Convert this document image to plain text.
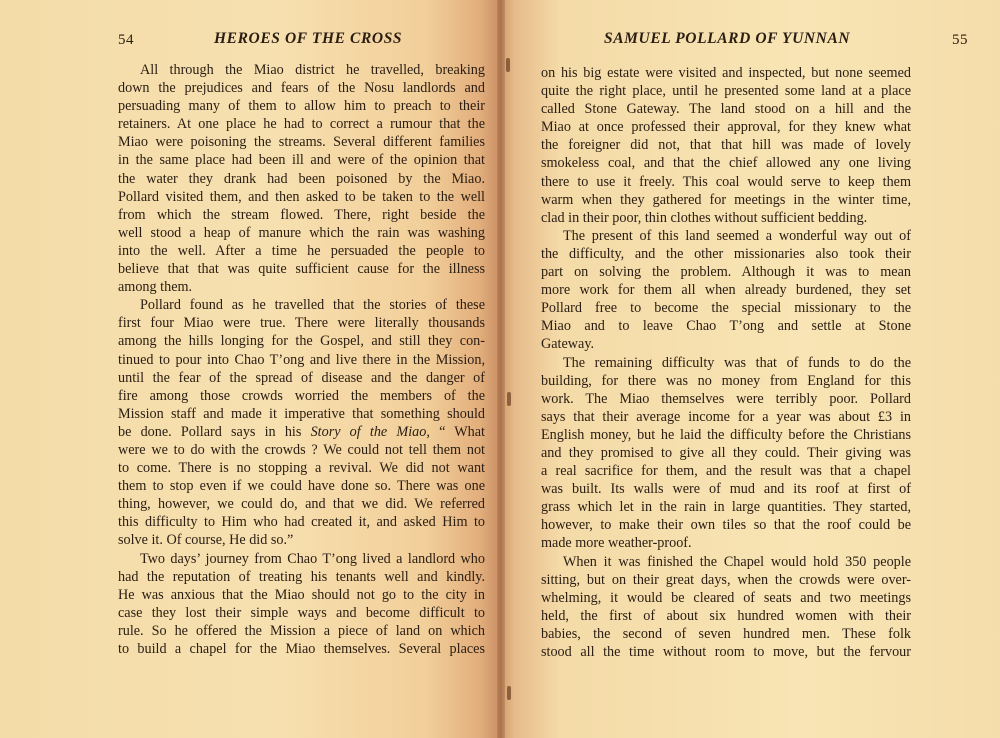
54	HEROES OF THE CROSS
All through the Miao district he travelled, breaking
down the prejudices and fears of the Nosu landlords and
persuading many of them to allow him to preach to their
retainers. At one place he had to correct a rumour that the
Miao were poisoning the streams. Several different families
in the same place had been ill and were of the opinion that
the water they drank had been poisoned by the Miao.
Pollard visited them, and then asked to be taken to the well
from which the stream flowed. There, right beside the
well stood a heap of manure which the rain was washing
into the well. After a time he persuaded the people to
believe that that was quite sufficient cause for the illness
among them.
Pollard found as he travelled that the stories of these
first four Miao were true. There were literally thousands
among the hills longing for the Gospel, and still they con-
tinued to pour into Chao T’ong and live there in the Mission,
until the fear of the spread of disease and the danger of
fire among those crowds worried the members of the
Mission staff and made it imperative that something should
be done. Pollard says in his Story of the Miao, “ What
were we to do with the crowds ? We could not tell them not
to come. There is no stopping a revival. We did not want
them to stop even if we could have done so. There was one
thing, however, we could do, and that we did. We referred
this difficulty to Him who had created it, and asked Him to
solve it. Of course, He did so.”
Two days’ journey from Chao T’ong lived a landlord who
had the reputation of treating his tenants well and kindly.
He was anxious that the Miao should not go to the city in
case they lost their simple ways and become difficult to
rule. So he offered the Mission a piece of land on which
to build a chapel for the Miao themselves. Several places
SAMUEL POLLARD OF YUNNAN	55
on his big estate were visited and inspected, but none seemed
quite the right place, until he presented some land at a place
called Stone Gateway. The land stood on a hill and the
Miao at once professed their approval, for they knew what
the foreigner did not, that that hill was made of lovely
smokeless coal, and that the chief allowed any one living
there to use it freely. This coal would serve to keep them
warm when they gathered for meetings in the winter time,
clad in their poor, thin clothes without sufficient bedding.
The present of this land seemed a wonderful way out of
the difficulty, and the other missionaries also took their
part on solving the problem. Although it was to mean
more work for them all when already burdened, they set
Pollard free to become the special missionary to the
Miao and to leave Chao T’ong and settle at Stone
Gateway.
The remaining difficulty was that of funds to do the
building, for there was no money from England for this
work. The Miao themselves were terribly poor. Pollard
says that their average income for a year was about £3 in
English money, but he laid the difficulty before the Christians
and they promised to give all they could. Their giving was
a real sacrifice for them, and the result was that a chapel
was built. Its walls were of mud and its roof at first of
grass which let in the rain in large quantities. They started,
however, to make their own tiles so that the roof could be
made more weather-proof.
When it was finished the Chapel would hold 350 people
sitting, but on their great days, when the crowds were over-
whelming, it would be cleared of seats and two meetings
held, the first of about six hundred women with their
babies, the second of seven hundred men. These folk
stood all the time without room to move, but the fervour
